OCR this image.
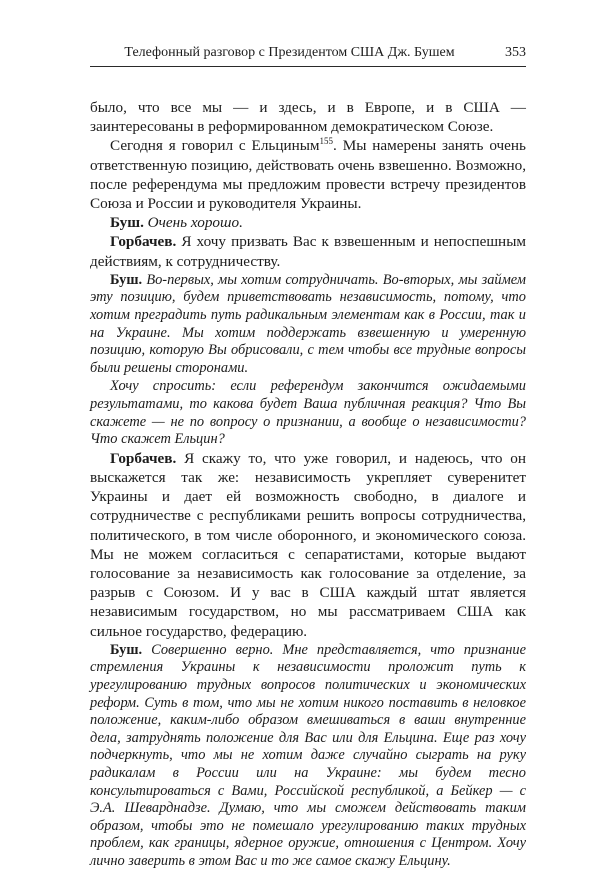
Телефонный разговор с Президентом США Дж. Бушем	353

было, что все мы — и здесь, и в Европе, и в США — заинтересованы в реформированном демократическом Союзе.

Сегодня я говорил с Ельциным$^{155}$. Мы намерены занять очень ответственную позицию, действовать очень взвешенно. Возможно, после референдума мы предложим провести встречу президентов Союза и России и руководителя Украины.

Буш. Очень хорошо.

Горбачев. Я хочу призвать Вас к взвешенным и непоспешным действиям, к сотрудничеству.

Буш. Во-первых, мы хотим сотрудничать. Во-вторых, мы займем эту позицию, будем приветствовать независимость, потому, что хотим преградить путь радикальным элементам как в России, так и на Украине. Мы хотим поддержать взвешенную и умеренную позицию, которую Вы обрисовали, с тем чтобы все трудные вопросы были решены сторонами.

Хочу спросить: если референдум закончится ожидаемыми результатами, то какова будет Ваша публичная реакция? Что Вы скажете — не по вопросу о признании, а вообще о независимости? Что скажет Ельцин?

Горбачев. Я скажу то, что уже говорил, и надеюсь, что он выскажется так же: независимость укрепляет суверенитет Украины и дает ей возможность свободно, в диалоге и сотрудничестве с республиками решить вопросы сотрудничества, политического, в том числе оборонного, и экономического союза. Мы не можем согласиться с сепаратистами, которые выдают голосование за независимость как голосование за отделение, за разрыв с Союзом. И у вас в США каждый штат является независимым государством, но мы рассматриваем США как сильное государство, федерацию.

Буш. Совершенно верно. Мне представляется, что признание стремления Украины к независимости проложит путь к урегулированию трудных вопросов политических и экономических реформ. Суть в том, что мы не хотим никого поставить в неловкое положение, каким-либо образом вмешиваться в ваши внутренние дела, затруднять положение для Вас или для Ельцина. Еще раз хочу подчеркнуть, что мы не хотим даже случайно сыграть на руку радикалам в России или на Украине: мы будем тесно консультироваться с Вами, Российской республикой, а Бейкер — с Э.А. Шеварднадзе. Думаю, что мы сможем действовать таким образом, чтобы это не помешало урегулированию таких трудных проблем, как границы, ядерное оружие, отношения с Центром. Хочу лично заверить в этом Вас и то же самое скажу Ельцину.
